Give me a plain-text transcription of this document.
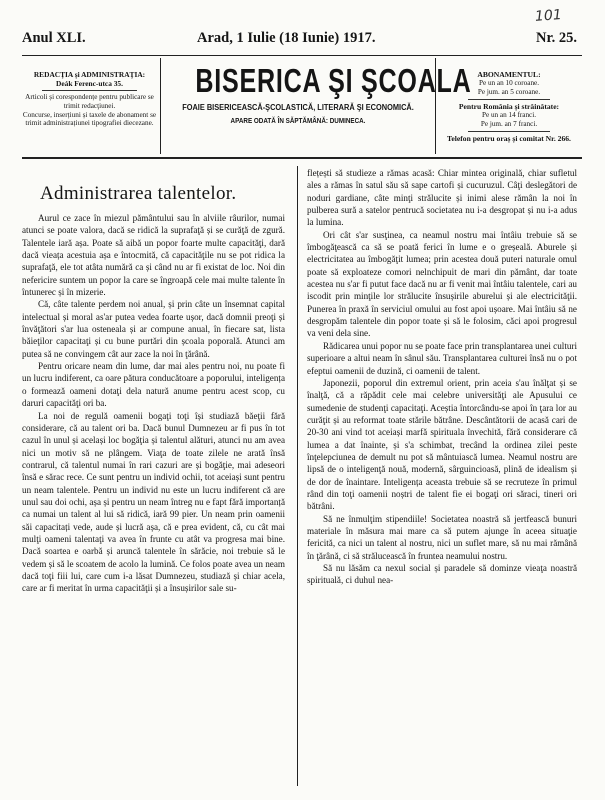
101
Anul XLI.	Arad, 1 Iulie (18 Iunie) 1917.	Nr. 25.
REDACŢIA și ADMINISTRAŢIA:
Deák Ferenc-utca 35.
Articoli și corespondențe pentru publicare se trimit redacţiunei.
Concurse, inserțiuni și taxele de abonament se trimit administrațiunei tipografiei diecezane.
BISERICA ŞI ŞCOALA
FOAIE BISERICEASCĂ-ŞCOLASTICĂ, LITERARĂ ŞI ECONOMICĂ.
APARE ODATĂ ÎN SĂPTĂMÂNĂ: DUMINECA.
ABONAMENTUL:
Pe un an 10 coroane.
Pe jum. an 5 coroane.
Pentru România și străinătate:
Pe un an 14 franci.
Pe jum. an 7 franci.
Telefon pentru oraș și comitat Nr. 266.
Administrarea talentelor.

Aurul ce zace în miezul pământului sau în alviile râurilor, numai atunci se poate valora, dacă se ridică la suprafaţă și se curăţă de zgură. Talentele iară așa. Poate să aibă un popor foarte multe capacităţi, dară dacă vieața acestuia așa e întocmită, că capacităţile nu se pot ridica la suprafaţă, ele tot atâta numără ca și când nu ar fi existat de loc. Noi din nefericire suntem un popor la care se îngroapă cele mai multe talente în întunerec și în mizerie.

Că, câte talente perdem noi anual, și prin câte un însemnat capital intelectual și moral as'ar putea vedea foarte ușor, dacă domnii preoţi și învăţători s'ar lua osteneala și ar compune anual, în fiecare sat, lista băieţilor capacitaţi și cu bune purtări din școala poporală. Atunci am putea să ne convingem cât aur zace la noi în ţărână.

Pentru oricare neam din lume, dar mai ales pentru noi, nu poate fi un lucru indiferent, ca oare pătura conducătoare a poporului, inteligența o formează oameni dotaţi dela natură anume pentru acest scop, cu daruri capacităţi ori ba.

La noi de regulă oamenii bogaţi toţi își studiază băeţii fără considerare, că au talent ori ba. Dacă bunul Dumnezeu ar fi pus în tot cazul în unul și același loc bogăţia și talentul alături, atunci nu am avea nici un motiv să ne plângem. Viaţa de toate zilele ne arată însă contrarul, că talentul numai în rari cazuri are și bogăţie, mai adeseori însă e sărac rece. Ce sunt pentru un individ ochii, tot aceiași sunt pentru un neam talentele. Pentru un individ nu este un lucru indiferent că are unul sau doi ochi, așa și pentru un neam întreg nu e fapt fără importanță ca numai un talent al lui să ridică, iară 99 pier. Un neam prin oamenii săi capacitați vede, aude și lucră așa, că e prea evident, că, cu cât mai mulţi oameni talentaţi va avea în frunte cu atât va progresa mai bine. Dacă soartea e oarbă și aruncă talentele în sărăcie, noi trebuie să le vedem și să le scoatem de acolo la lumină. Ce folos poate avea un neam dacă toţi fiii lui, care cum i-a lăsat Dumnezeu, studiază și chiar acela, care ar fi meritat în urma capacităţii și a însușirilor sale su-

flețești să studieze a rămas acasă: Chiar mintea originală, chiar sufletul ales a rămas în satul său să sape cartofi și cucuruzul. Câţi deslegători de noduri gardiane, câte minţi strălucite și inimi alese rămân la noi în pulberea sură a satelor pentrucă societatea nu i-a desgropat și nu i-a adus la lumina.

Ori cât s'ar susţinea, ca neamul nostru mai întâiu trebuie să se îmbogăţească ca să se poată ferici în lume e o greșeală. Aburele și electricitatea au îmbogăţit lumea; prin acestea două puteri naturale omul poate să exploateze comori nelnchipuit de mari din pământ, dar toate acestea nu s'ar fi putut face dacă nu ar fi venit mai întâiu talentele, cari au iscodit prin minţile lor strălucite însușirile aburelui și ale electricităţii. Punerea în praxă în serviciul omului au fost apoi ușoare. Mai întâiu să ne desgropăm talentele din popor toate și să le folosim, căci apoi progresul va veni dela sine.

Rădicarea unui popor nu se poate face prin transplantarea unei culturi superioare a altui neam în sânul său. Transplantarea culturei însă nu o pot efeptui oamenii de duzină, ci oamenii de talent.

Japonezii, poporul din extremul orient, prin aceia s'au înălţat și se înalţă, că a răpădit cele mai celebre universităţi ale Apusului ce sumedenie de studenţi capacitaţi. Aceștia întorcându-se apoi în ţara lor au curăţit și au reformat toate stările bătrâne. Descântătorii de acasă cari de 20-30 ani vind tot aceiași marfă spirituala învechită, fără considerare că lumea a dat înainte, și s'a schimbat, trecând la ordinea zilei peste înţelepciunea de demult nu pot să mântuiască lumea. Neamul nostru are lipsă de o inteligenţă nouă, modernă, sârguincioasă, plină de idealism și de dor de înaintare. Inteligența aceasta trebuie să se recruteze în primul rând din toţi oamenii noștri de talent fie ei bogaţi ori săraci, tineri ori bătrâni.

Să ne înmulţim stipendiile! Societatea noastră să jertfească bunuri materiale în măsura mai mare ca să putem ajunge în aceea situaţie fericită, ca nici un talent al nostru, nici un suflet mare, să nu mai rămână în ţărână, ci să strălucească în fruntea neamului nostru.

Să nu lăsăm ca nexul social și paradele să dominze vieaţa noastră spirituală, ci duhul nea-
